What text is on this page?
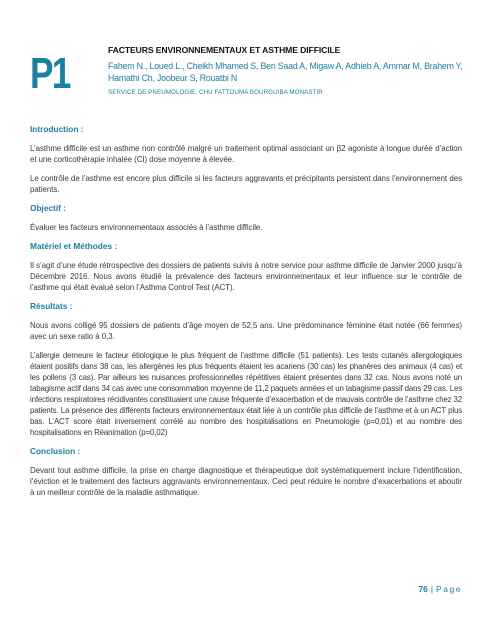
P1	FACTEURS ENVIRONNEMENTAUX ET ASTHME DIFFICILE

Fahem N., Loued L., Cheikh Mhamed S, Ben Saad A, Migaw A, Adhieb A, Ammar M, Brahem Y, Hamathi Ch, Joobeur S, Rouatbi N

SERVICE DE PNEUMOLOGIE, CHU FATTOUMA BOURGUIBA MONASTIR

Introduction :

L’asthme difficile est un asthme non contrôlé malgré un traitement optimal associant un β2 agoniste à longue durée d’action et une corticothérapie inhalée (CI) dose moyenne à élevée.

Le contrôle de l’asthme est encore plus difficile si les facteurs aggravants et précipitants persistent dans l’environnement des patients.

Objectif :

Évaluer les facteurs environnementaux associés à l’asthme difficile.

Matériel et Méthodes :

Il s’agit d’une étude rétrospective des dossiers de patients suivis à notre service pour asthme difficile de Janvier 2000 jusqu’à Décembre 2016. Nous avons étudié la prévalence des facteurs environnementaux et leur influence sur le contrôle de l’asthme qui était évalué selon l’Asthma Control Test (ACT).

Résultats :

Nous avons colligé 95 dossiers de patients d’âge moyen de 52,5 ans. Une prédominance féminine était notée (66 femmes) avec un sexe ratio à 0,3.

L’allergie demeure le facteur étiologique le plus fréquent de l’asthme difficile (51 patients). Les tests cutanés allergologiques étaient positifs dans 38 cas, les allergènes les plus fréquents étaient les acariens (30 cas) les phanères des animaux (4 cas) et les pollens (3 cas). Par ailleurs les nuisances professionnelles répétitives étaient présentes dans 32 cas. Nous avons noté un tabagisme actif dans 34 cas avec une consommation moyenne de 11,2 paquets années et un tabagisme passif dans 29 cas. Les infections respiratoires récidivantes constituaient une cause fréquente d’exacerbation et de mauvais contrôle de l’asthme chez 32 patients. La présence des différents facteurs environnementaux était liée à un contrôle plus difficile de l’asthme et à un ACT plus bas. L’ACT score était inversement corrélé au nombre des hospitalisations en Pneumologie (p=0,01) et au nombre des hospitalisations en Réanimation (p=0,02)

Conclusion :

Devant tout asthme difficile, la prise en charge diagnostique et thérapeutique doit systématiquement inclure l’identification, l’éviction et le traitement des facteurs aggravants environnementaux. Ceci peut réduire le nombre d’exacerbations et aboutir à un meilleur contrôle de la maladie asthmatique.

76 | Page
